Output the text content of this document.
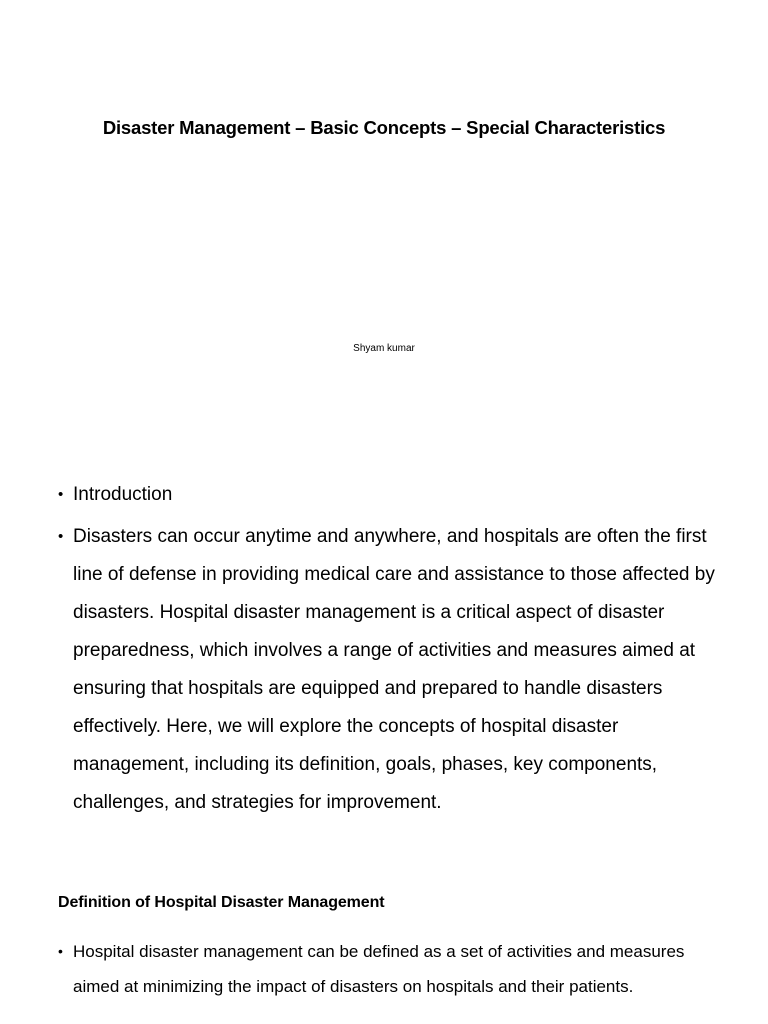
Disaster Management – Basic Concepts – Special Characteristics
Shyam kumar
• Introduction
• Disasters can occur anytime and anywhere, and hospitals are often the first line of defense in providing medical care and assistance to those affected by disasters. Hospital disaster management is a critical aspect of disaster preparedness, which involves a range of activities and measures aimed at ensuring that hospitals are equipped and prepared to handle disasters effectively. Here, we will explore the concepts of hospital disaster management, including its definition, goals, phases, key components, challenges, and strategies for improvement.
Definition of Hospital Disaster Management
• Hospital disaster management can be defined as a set of activities and measures aimed at minimizing the impact of disasters on hospitals and their patients.
